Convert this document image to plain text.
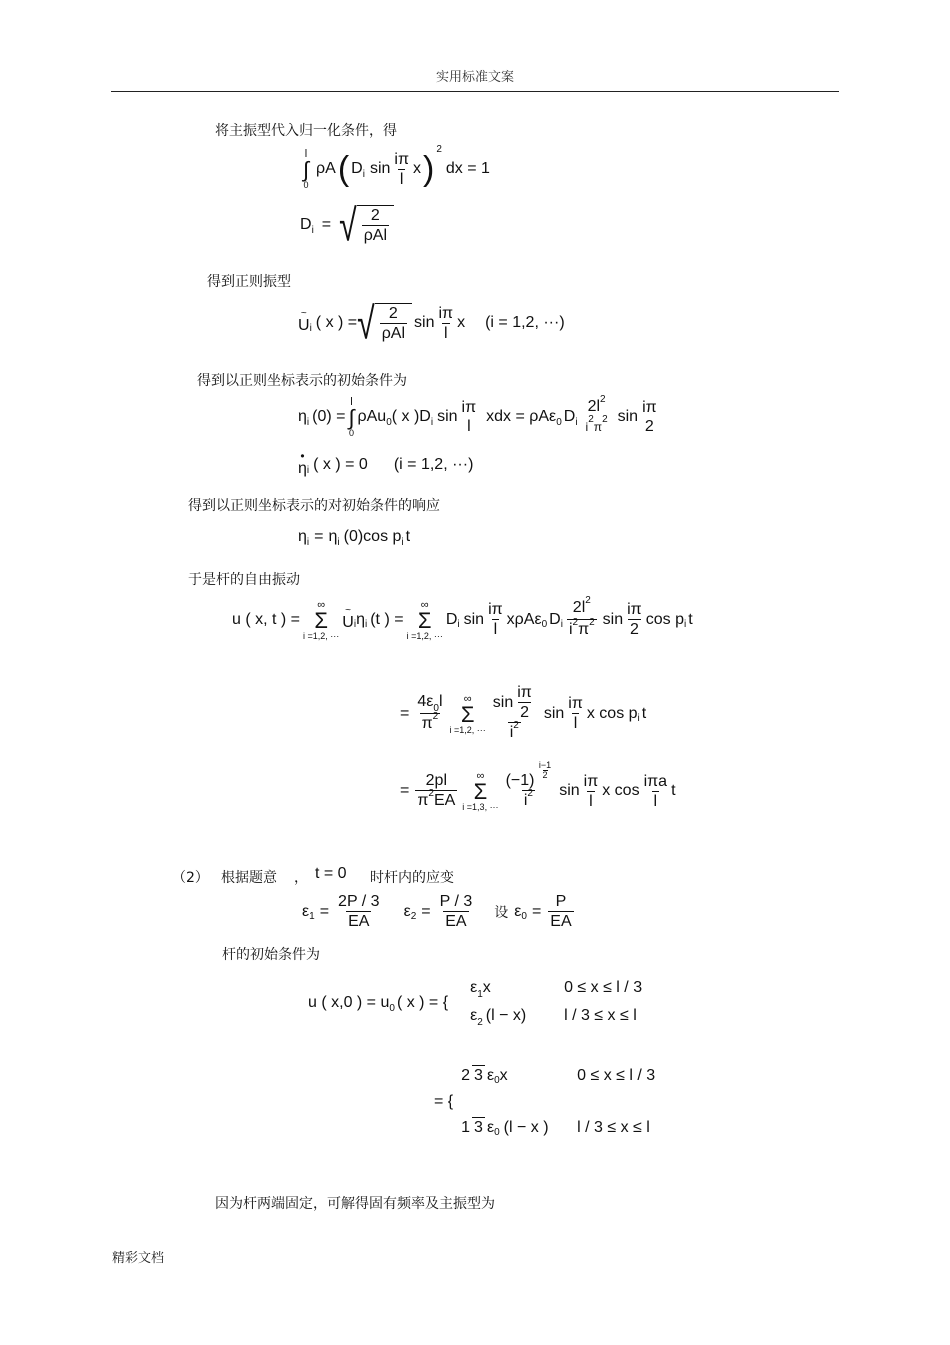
实用标准文案
将主振型代入归一化条件，得
l
∫
0
ρA ( D i $\sin \frac{i\pi}{l}$ x )
2
dx = 1
D i = √ $\frac{2}{\text{ρAl}}$
得到正则振型
~
U i ( x ) = √ $\frac{2}{\text{ρAl}}$ $\sin \frac{i\pi}{l}$ x (i = 1,2, ···)
得到以正则坐标表示的初始条件为
η i (0) =
l
∫
0
ρAu 0 ( x )D i sin
iπ
l
xdx = ρAε 0 D i
$2l^2$
$i^2\pi^2$ sin
iπ
2
•
η i ( x ) = 0 (i = 1,2, ···)
得到以正则坐标表示的对初始条件的响应
η i = η i (0)cos p i t
于是杆的自由振动
u ( x, t ) =
∞
Σ
i =1,2, ···
~
U i η i (t ) =
∞
Σ
i =1,2, ···
D i $\sin \frac{i\pi}{l}$ xρAε 0 D i $\frac{2l^2}{i^2\pi^2}$ $\sin \frac{i\pi}{2}$ cos p i t
= $\frac{4\varepsilon_0l}{\pi^2}$ ∞
Σ
i =1,2, ··· $\frac{\sin \frac{i\pi}{2}}{i^2}$ $\sin \frac{i\pi}{l}$ x cos p i t
= $\frac{2pl}{\pi^2EA}$ ∞
Σ
i =1,3, ··· (−1)
$\frac{i-1}{2}$
$i^2$ $\sin \frac{i\pi}{l}$ x $\cos \frac{\text{iπa}}{l}$ t
（2） 根据题意 ， t = 0 时杆内的应变
ε $1 = \frac{2P / 3}{EA}$ ε $2 = \frac{P / 3}{EA}$ 设 ε $0 = \frac{P}{EA}$
杆的初始条件为
u ( x,0 ) = u 0 ( x ) = {
ε1x	0 ≤ x ≤ l / 3
ε2 (l − x)	l / 3 ≤ x ≤ l
= {
2 3 ε 0 x	0 ≤ x ≤ l / 3
1 3 ε 0 (l − x ) l / 3 ≤ x ≤ l
因为杆两端固定，可解得固有频率及主振型为
精彩文档
